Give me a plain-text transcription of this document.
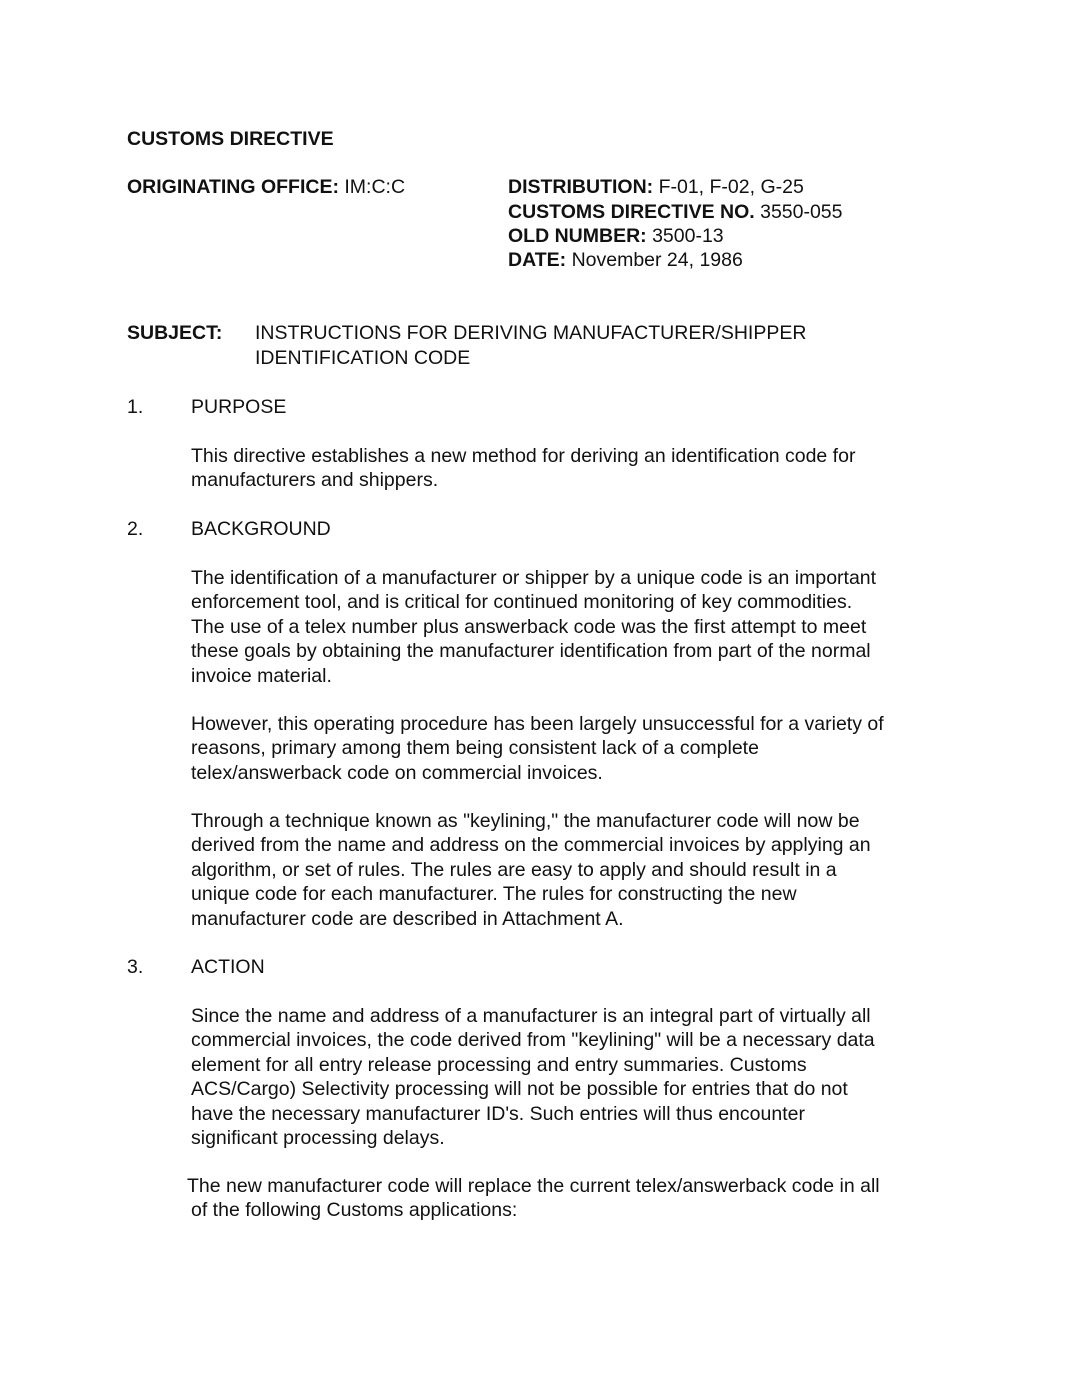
CUSTOMS DIRECTIVE
ORIGINATING OFFICE: IM:C:C	DISTRIBUTION: F-01, F-02, G-25
CUSTOMS DIRECTIVE NO. 3550-055
OLD NUMBER: 3500-13
DATE: November 24, 1986
SUBJECT: INSTRUCTIONS FOR DERIVING MANUFACTURER/SHIPPER
IDENTIFICATION CODE
1. PURPOSE
This directive establishes a new method for deriving an identification code for
manufacturers and shippers.
2. BACKGROUND
The identification of a manufacturer or shipper by a unique code is an important
enforcement tool, and is critical for continued monitoring of key commodities.
The use of a telex number plus answerback code was the first attempt to meet
these goals by obtaining the manufacturer identification from part of the normal
invoice material.
However, this operating procedure has been largely unsuccessful for a variety of
reasons, primary among them being consistent lack of a complete
telex/answerback code on commercial invoices.
Through a technique known as "keylining," the manufacturer code will now be
derived from the name and address on the commercial invoices by applying an
algorithm, or set of rules. The rules are easy to apply and should result in a
unique code for each manufacturer. The rules for constructing the new
manufacturer code are described in Attachment A.
3. ACTION
Since the name and address of a manufacturer is an integral part of virtually all
commercial invoices, the code derived from "keylining" will be a necessary data
element for all entry release processing and entry summaries. Customs
ACS/Cargo) Selectivity processing will not be possible for entries that do not
have the necessary manufacturer ID's. Such entries will thus encounter
significant processing delays.
The new manufacturer code will replace the current telex/answerback code in all
of the following Customs applications:
